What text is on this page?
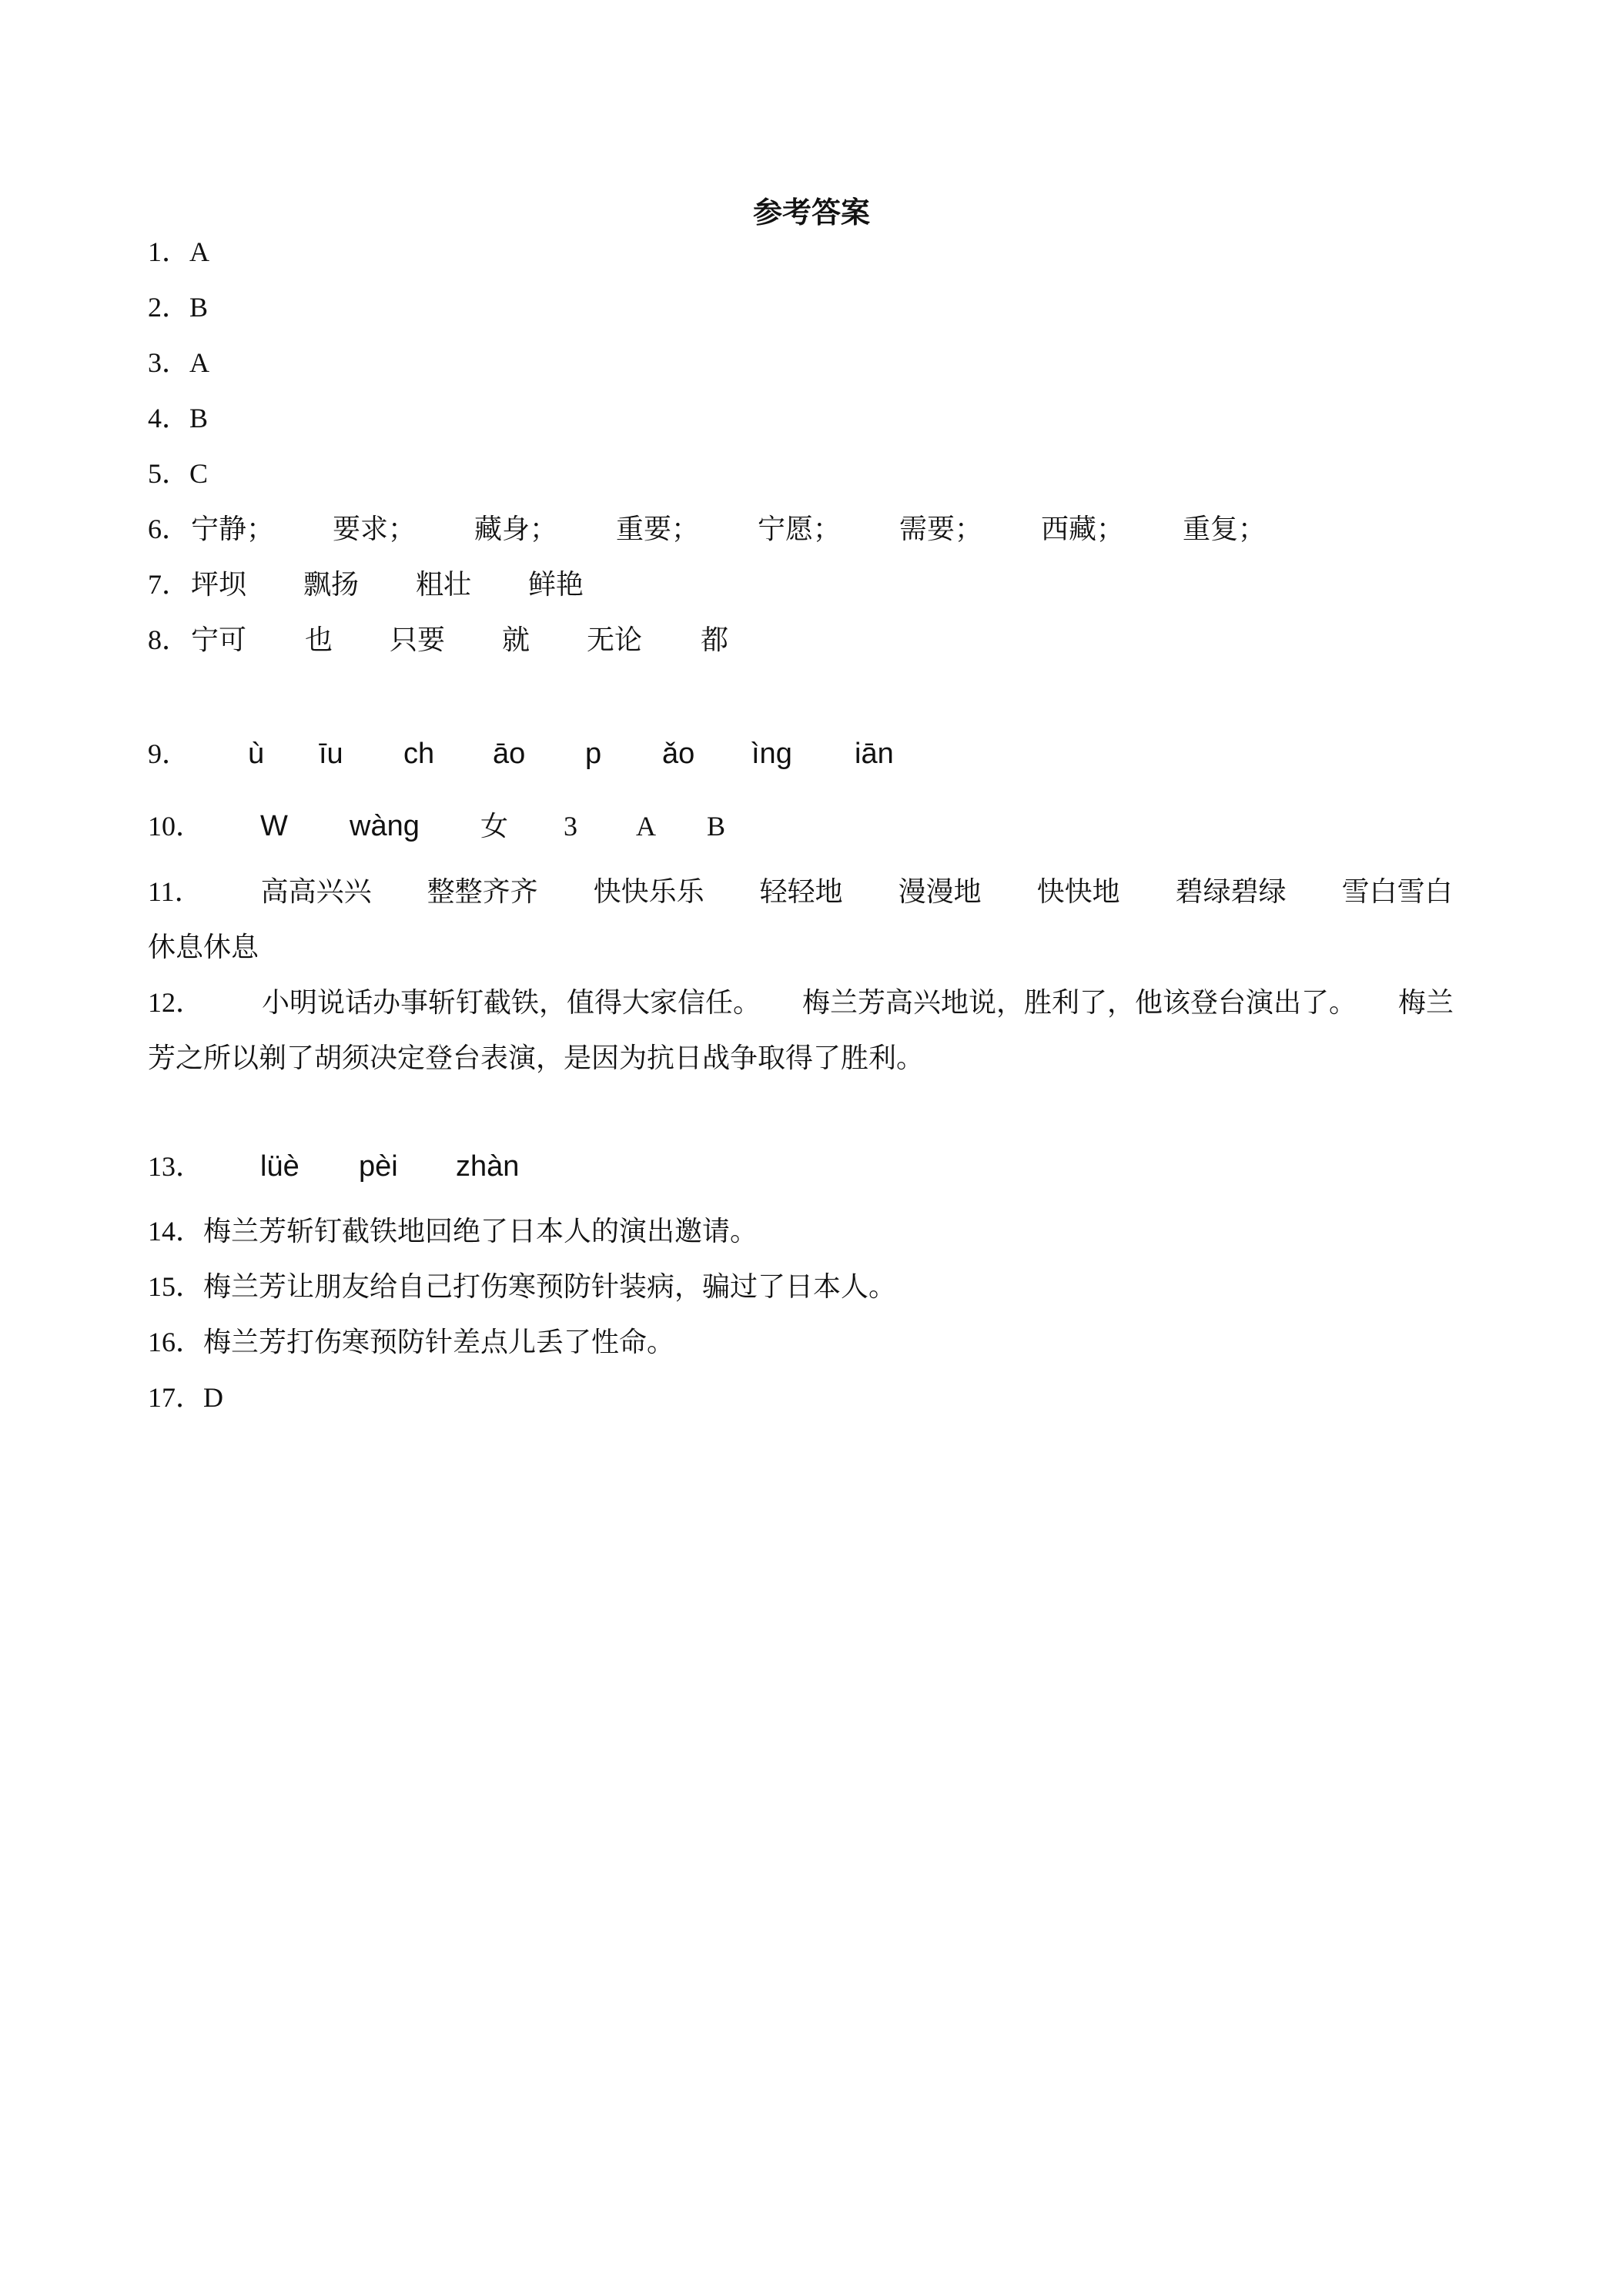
参考答案
1．A
2．B
3．A
4．B
5．C
6． 宁静； 要求； 藏身； 重要； 宁愿； 需要； 西藏； 重复；
7． 坪坝 飘扬 粗壮 鲜艳
8． 宁可 也 只要 就 无论 都
9． ù īu ch āo p ǎo ìng iān
10． W wàng 女 3 A B
11． 高高兴兴　　整整齐齐　　快快乐乐　　轻轻地　　漫漫地　　快快地　　碧绿碧绿　　雪白雪白　　休息休息
12． 小明说话办事斩钉截铁，值得大家信任。　　梅兰芳高兴地说，胜利了，他该登台演出了。　　梅兰芳之所以剃了胡须决定登台表演，是因为抗日战争取得了胜利。
13． lüè pèi zhàn
14．梅兰芳斩钉截铁地回绝了日本人的演出邀请。
15．梅兰芳让朋友给自己打伤寒预防针装病，骗过了日本人。
16．梅兰芳打伤寒预防针差点儿丢了性命。
17．D
